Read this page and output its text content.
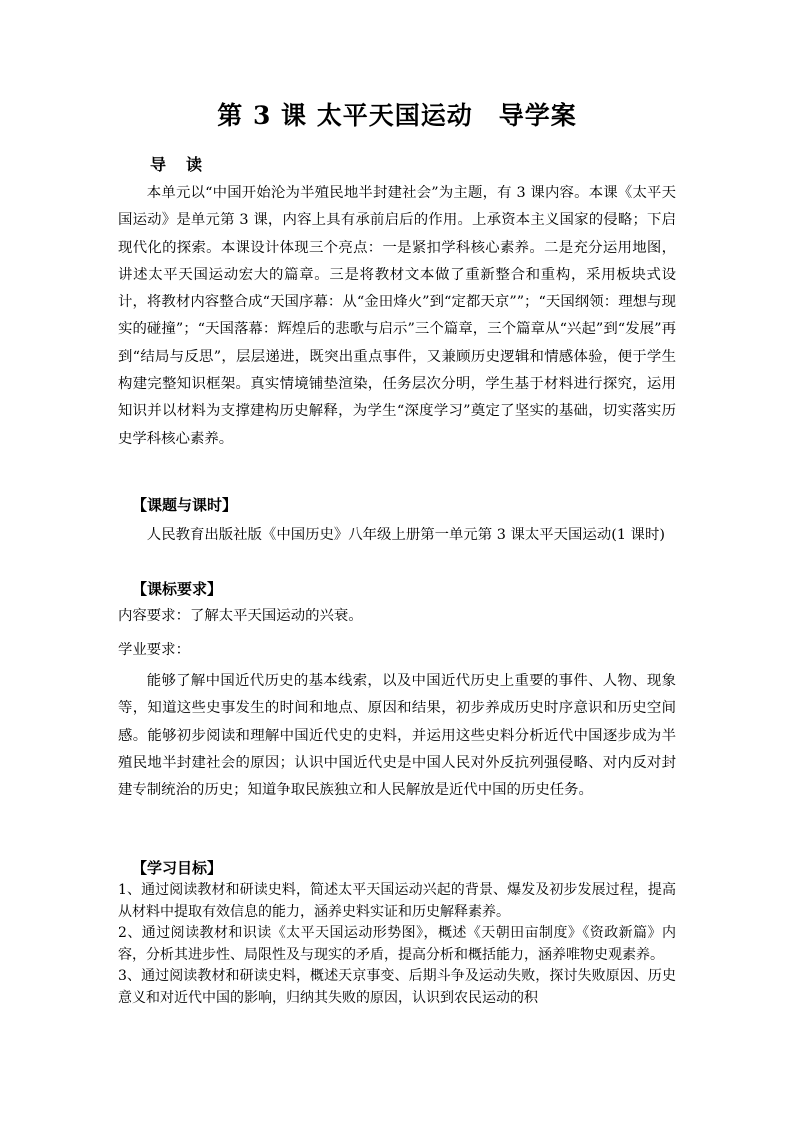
第 3 课 太平天国运动　导学案
导读
本单元以“中国开始沦为半殖民地半封建社会”为主题，有 3 课内容。本课《太平天国运动》是单元第 3 课，内容上具有承前启后的作用。上承资本主义国家的侵略；下启现代化的探索。本课设计体现三个亮点：一是紧扣学科核心素养。二是充分运用地图，讲述太平天国运动宏大的篇章。三是将教材文本做了重新整合和重构，采用板块式设计，将教材内容整合成“天国序幕：从“金田烽火”到“定都天京””；“天国纲领：理想与现实的碰撞”；“天国落幕：辉煌后的悲歌与启示”三个篇章，三个篇章从“兴起”到“发展”再到“结局与反思”，层层递进，既突出重点事件，又兼顾历史逻辑和情感体验，便于学生构建完整知识框架。真实情境铺垫渲染，任务层次分明，学生基于材料进行探究，运用知识并以材料为支撑建构历史解释，为学生“深度学习”奠定了坚实的基础，切实落实历史学科核心素养。
【课题与课时】
人民教育出版社版《中国历史》八年级上册第一单元第 3 课太平天国运动(1 课时)
【课标要求】
内容要求：了解太平天国运动的兴衰。
学业要求：
能够了解中国近代历史的基本线索，以及中国近代历史上重要的事件、人物、现象等，知道这些史事发生的时间和地点、原因和结果，初步养成历史时序意识和历史空间感。能够初步阅读和理解中国近代史的史料，并运用这些史料分析近代中国逐步成为半殖民地半封建社会的原因；认识中国近代史是中国人民对外反抗列强侵略、对内反对封建专制统治的历史；知道争取民族独立和人民解放是近代中国的历史任务。
【学习目标】
1、通过阅读教材和研读史料，简述太平天国运动兴起的背景、爆发及初步发展过程，提高从材料中提取有效信息的能力，涵养史料实证和历史解释素养。
2、通过阅读教材和识读《太平天国运动形势图》，概述《天朝田亩制度》《资政新篇》内容，分析其进步性、局限性及与现实的矛盾，提高分析和概括能力，涵养唯物史观素养。
3、通过阅读教材和研读史料，概述天京事变、后期斗争及运动失败，探讨失败原因、历史意义和对近代中国的影响，归纳其失败的原因，认识到农民运动的积
